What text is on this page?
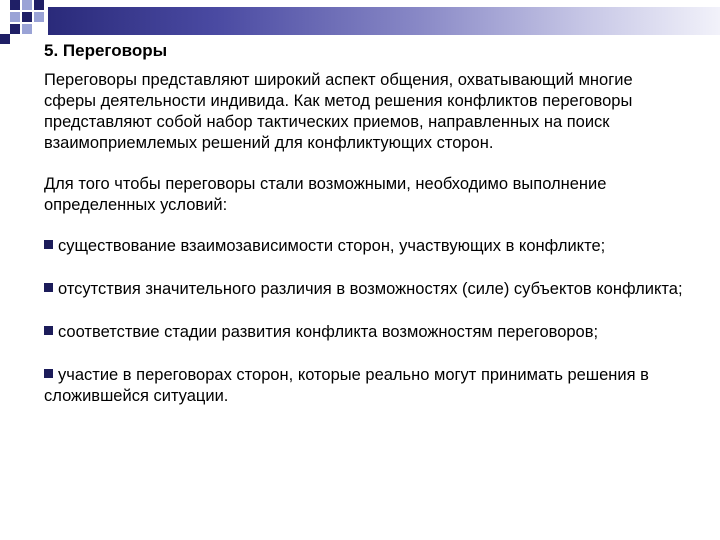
5. Переговоры
Переговоры представляют широкий аспект общения, охватывающий многие сферы деятельности индивида. Как метод решения конфликтов переговоры представляют собой набор тактических приемов, направленных на поиск взаимоприемлемых решений для конфликтующих сторон.
Для того чтобы переговоры стали возможными, необходимо выполнение определенных условий:
существование взаимозависимости сторон, участвующих в конфликте;
отсутствия значительного различия в возможностях (силе) субъектов конфликта;
соответствие стадии развития конфликта возможностям переговоров;
участие в переговорах сторон, которые реально могут принимать решения в сложившейся ситуации.
